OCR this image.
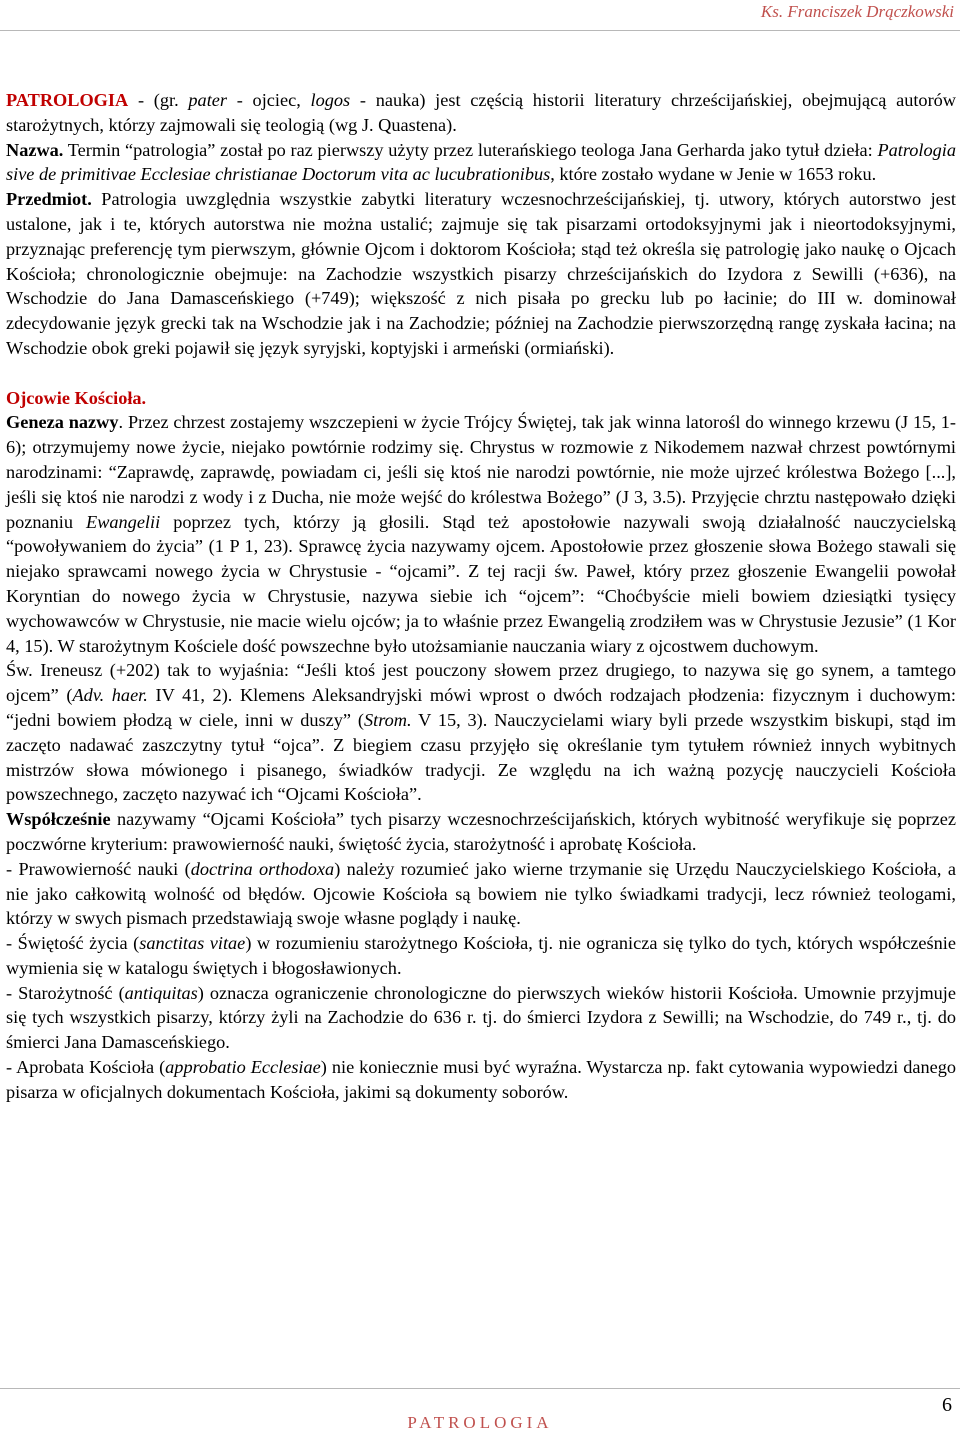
Ks. Franciszek Drączkowski

PATROLOGIA - (gr. pater - ojciec, logos - nauka) jest częścią historii literatury chrześcijańskiej, obejmującą autorów starożytnych, którzy zajmowali się teologią (wg J. Quastena).

Nazwa. Termin “patrologia” został po raz pierwszy użyty przez luterańskiego teologa Jana Gerharda jako tytuł dzieła: Patrologia sive de primitivae Ecclesiae christianae Doctorum vita ac lucubrationibus, które zostało wydane w Jenie w 1653 roku.

Przedmiot. Patrologia uwzględnia wszystkie zabytki literatury wczesnochrześcijańskiej, tj. utwory, których autorstwo jest ustalone, jak i te, których autorstwa nie można ustalić; zajmuje się tak pisarzami ortodoksyjnymi jak i nieortodoksyjnymi, przyznając preferencję tym pierwszym, głównie Ojcom i doktorom Kościoła; stąd też określa się patrologię jako naukę o Ojcach Kościoła; chronologicznie obejmuje: na Zachodzie wszystkich pisarzy chrześcijańskich do Izydora z Sewilli (+636), na Wschodzie do Jana Damasceńskiego (+749); większość z nich pisała po grecku lub po łacinie; do III w. dominował zdecydowanie język grecki tak na Wschodzie jak i na Zachodzie; później na Zachodzie pierwszorzędną rangę zyskała łacina; na Wschodzie obok greki pojawił się język syryjski, koptyjski i armeński (ormiański).

Ojcowie Kościoła.

Geneza nazwy. Przez chrzest zostajemy wszczepieni w życie Trójcy Świętej, tak jak winna latorośl do winnego krzewu (J 15, 1-6); otrzymujemy nowe życie, niejako powtórnie rodzimy się. Chrystus w rozmowie z Nikodemem nazwał chrzest powtórnymi narodzinami: “Zaprawdę, zaprawdę, powiadam ci, jeśli się ktoś nie narodzi powtórnie, nie może ujrzeć królestwa Bożego [...], jeśli się ktoś nie narodzi z wody i z Ducha, nie może wejść do królestwa Bożego” (J 3, 3.5). Przyjęcie chrztu następowało dzięki poznaniu Ewangelii poprzez tych, którzy ją głosili. Stąd też apostołowie nazywali swoją działalność nauczycielską “powoływaniem do życia” (1 P 1, 23). Sprawcę życia nazywamy ojcem. Apostołowie przez głoszenie słowa Bożego stawali się niejako sprawcami nowego życia w Chrystusie - “ojcami”. Z tej racji św. Paweł, który przez głoszenie Ewangelii powołał Koryntian do nowego życia w Chrystusie, nazywa siebie ich “ojcem”: “Choćbyście mieli bowiem dziesiątki tysięcy wychowawców w Chrystusie, nie macie wielu ojców; ja to właśnie przez Ewangelią zrodziłem was w Chrystusie Jezusie” (1 Kor 4, 15). W starożytnym Kościele dość powszechne było utożsamianie nauczania wiary z ojcostwem duchowym.

Św. Ireneusz (+202) tak to wyjaśnia: “Jeśli ktoś jest pouczony słowem przez drugiego, to nazywa się go synem, a tamtego ojcem” (Adv. haer. IV 41, 2). Klemens Aleksandryjski mówi wprost o dwóch rodzajach płodzenia: fizycznym i duchowym: “jedni bowiem płodzą w ciele, inni w duszy” (Strom. V 15, 3). Nauczycielami wiary byli przede wszystkim biskupi, stąd im zaczęto nadawać zaszczytny tytuł “ojca”. Z biegiem czasu przyjęło się określanie tym tytułem również innych wybitnych mistrzów słowa mówionego i pisanego, świadków tradycji. Ze względu na ich ważną pozycję nauczycieli Kościoła powszechnego, zaczęto nazywać ich “Ojcami Kościoła”.

Współcześnie nazywamy “Ojcami Kościoła” tych pisarzy wczesnochrześcijańskich, których wybitność weryfikuje się poprzez poczwórne kryterium: prawowierność nauki, świętość życia, starożytność i aprobatę Kościoła.

- Prawowierność nauki (doctrina orthodoxa) należy rozumieć jako wierne trzymanie się Urzędu Nauczycielskiego Kościoła, a nie jako całkowitą wolność od błędów. Ojcowie Kościoła są bowiem nie tylko świadkami tradycji, lecz również teologami, którzy w swych pismach przedstawiają swoje własne poglądy i naukę.

- Świętość życia (sanctitas vitae) w rozumieniu starożytnego Kościoła, tj. nie ogranicza się tylko do tych, których współcześnie wymienia się w katalogu świętych i błogosławionych.

- Starożytność (antiquitas) oznacza ograniczenie chronologiczne do pierwszych wieków historii Kościoła. Umownie przyjmuje się tych wszystkich pisarzy, którzy żyli na Zachodzie do 636 r. tj. do śmierci Izydora z Sewilli; na Wschodzie, do 749 r., tj. do śmierci Jana Damasceńskiego.

- Aprobata Kościoła (approbatio Ecclesiae) nie koniecznie musi być wyraźna. Wystarcza np. fakt cytowania wypowiedzi danego pisarza w oficjalnych dokumentach Kościoła, jakimi są dokumenty soborów.

6
PATROLOGIA
